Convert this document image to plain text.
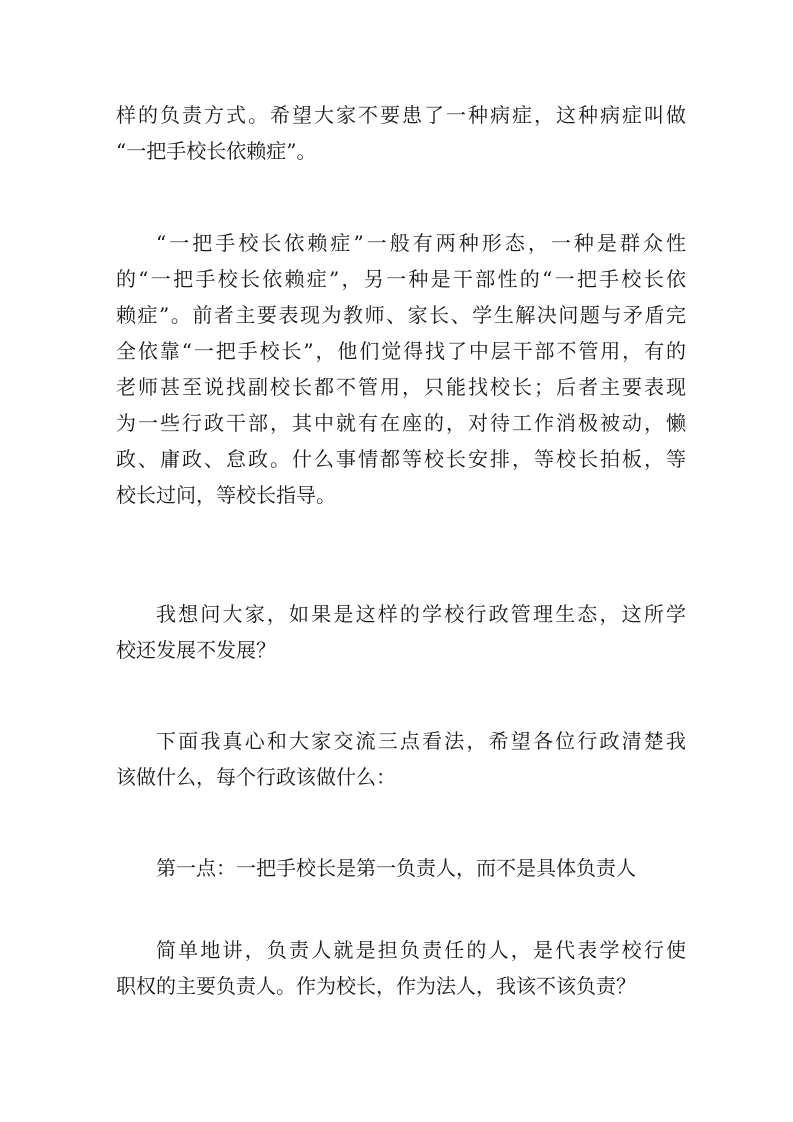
样的负责方式。希望大家不要患了一种病症，这种病症叫做
“一把手校长依赖症”。
“一把手校长依赖症”一般有两种形态，一种是群众性
的“一把手校长依赖症”，另一种是干部性的“一把手校长依
赖症”。前者主要表现为教师、家长、学生解决问题与矛盾完
全依靠“一把手校长”，他们觉得找了中层干部不管用，有的
老师甚至说找副校长都不管用，只能找校长；后者主要表现
为一些行政干部，其中就有在座的，对待工作消极被动，懒
政、庸政、怠政。什么事情都等校长安排，等校长拍板，等
校长过问，等校长指导。
我想问大家，如果是这样的学校行政管理生态，这所学
校还发展不发展？
下面我真心和大家交流三点看法，希望各位行政清楚我
该做什么，每个行政该做什么：
第一点：一把手校长是第一负责人，而不是具体负责人
简单地讲，负责人就是担负责任的人，是代表学校行使
职权的主要负责人。作为校长，作为法人，我该不该负责？
